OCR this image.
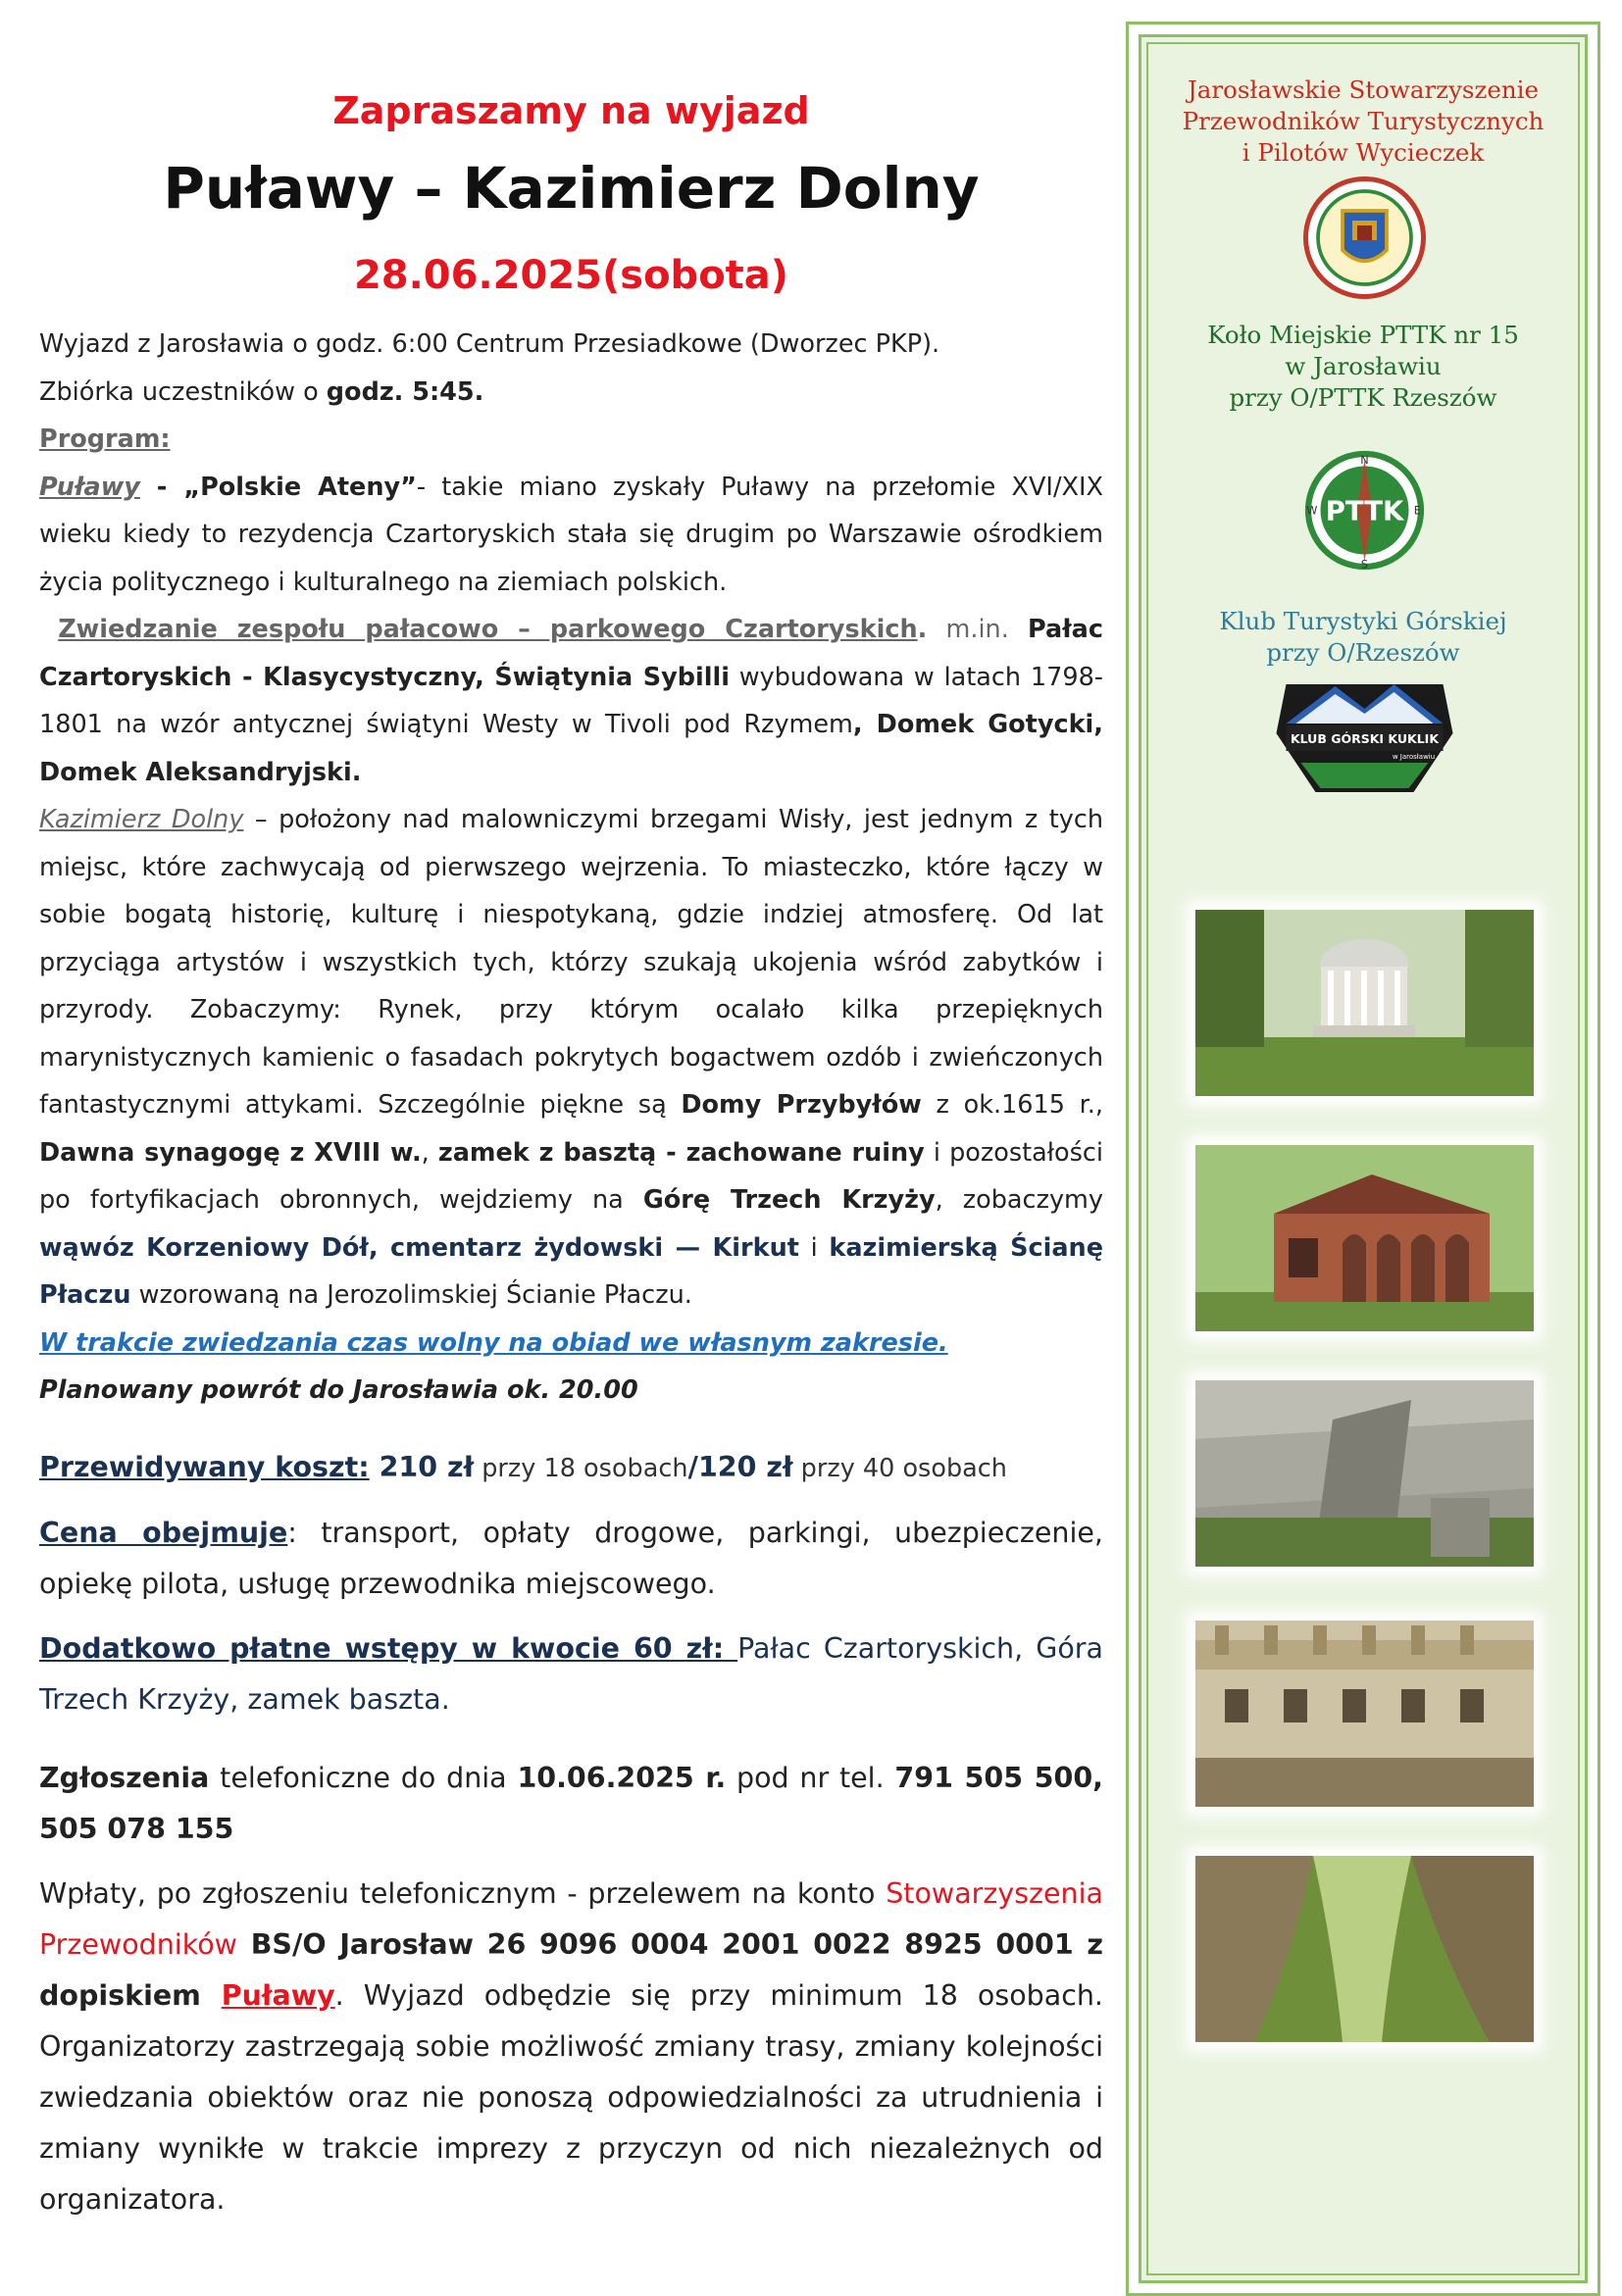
Zapraszamy na wyjazd

Puławy – Kazimierz Dolny

28.06.2025(sobota)

Wyjazd z Jarosławia o godz. 6:00 Centrum Przesiadkowe (Dworzec PKP).

Zbiórka uczestników o godz. 5:45.

Program:

Puławy - „Polskie Ateny”- takie miano zyskały Puławy na przełomie XVI/XIX wieku kiedy to rezydencja Czartoryskich stała się drugim po Warszawie ośrodkiem życia politycznego i kulturalnego na ziemiach polskich.

Zwiedzanie zespołu pałacowo – parkowego Czartoryskich. m.in. Pałac Czartoryskich - Klasycystyczny, Świątynia Sybilli wybudowana w latach 1798-1801 na wzór antycznej świątyni Westy w Tivoli pod Rzymem, Domek Gotycki, Domek Aleksandryjski.

Kazimierz Dolny – położony nad malowniczymi brzegami Wisły, jest jednym z tych miejsc, które zachwycają od pierwszego wejrzenia. To miasteczko, które łączy w sobie bogatą historię, kulturę i niespotykaną, gdzie indziej atmosferę. Od lat przyciąga artystów i wszystkich tych, którzy szukają ukojenia wśród zabytków i przyrody. Zobaczymy: Rynek, przy którym ocalało kilka przepięknych marynistycznych kamienic o fasadach pokrytych bogactwem ozdób i zwieńczonych fantastycznymi attykami. Szczególnie piękne są Domy Przybyłów z ok.1615 r., Dawna synagogę z XVIII w., zamek z basztą - zachowane ruiny i pozostałości po fortyfikacjach obronnych, wejdziemy na Górę Trzech Krzyży, zobaczymy wąwóz Korzeniowy Dół, cmentarz żydowski — Kirkut i kazimierską Ścianę Płaczu wzorowaną na Jerozolimskiej Ścianie Płaczu.

W trakcie zwiedzania czas wolny na obiad we własnym zakresie.

Planowany powrót do Jarosławia ok. 20.00

Przewidywany koszt: 210 zł przy 18 osobach/120 zł przy 40 osobach

Cena obejmuje: transport, opłaty drogowe, parkingi, ubezpieczenie, opiekę pilota, usługę przewodnika miejscowego.

Dodatkowo płatne wstępy w kwocie 60 zł: Pałac Czartoryskich, Góra Trzech Krzyży, zamek baszta.

Zgłoszenia telefoniczne do dnia 10.06.2025 r. pod nr tel. 791 505 500, 505 078 155

Wpłaty, po zgłoszeniu telefonicznym - przelewem na konto Stowarzyszenia Przewodników BS/O Jarosław 26 9096 0004 2001 0022 8925 0001 z dopiskiem Puławy. Wyjazd odbędzie się przy minimum 18 osobach. Organizatorzy zastrzegają sobie możliwość zmiany trasy, zmiany kolejności zwiedzania obiektów oraz nie ponoszą odpowiedzialności za utrudnienia i zmiany wynikłe w trakcie imprezy z przyczyn od nich niezależnych od organizatora.

Jarosławskie Stowarzyszenie
Przewodników Turystycznych
i Pilotów Wycieczek
Koło Miejskie PTTK nr 15
w Jarosławiu
przy O/PTTK Rzeszów
PTTK
N
E
S
W
Klub Turystyki Górskiej
przy O/Rzeszów
KLUB GÓRSKI KUKLIK
w Jarosławiu
